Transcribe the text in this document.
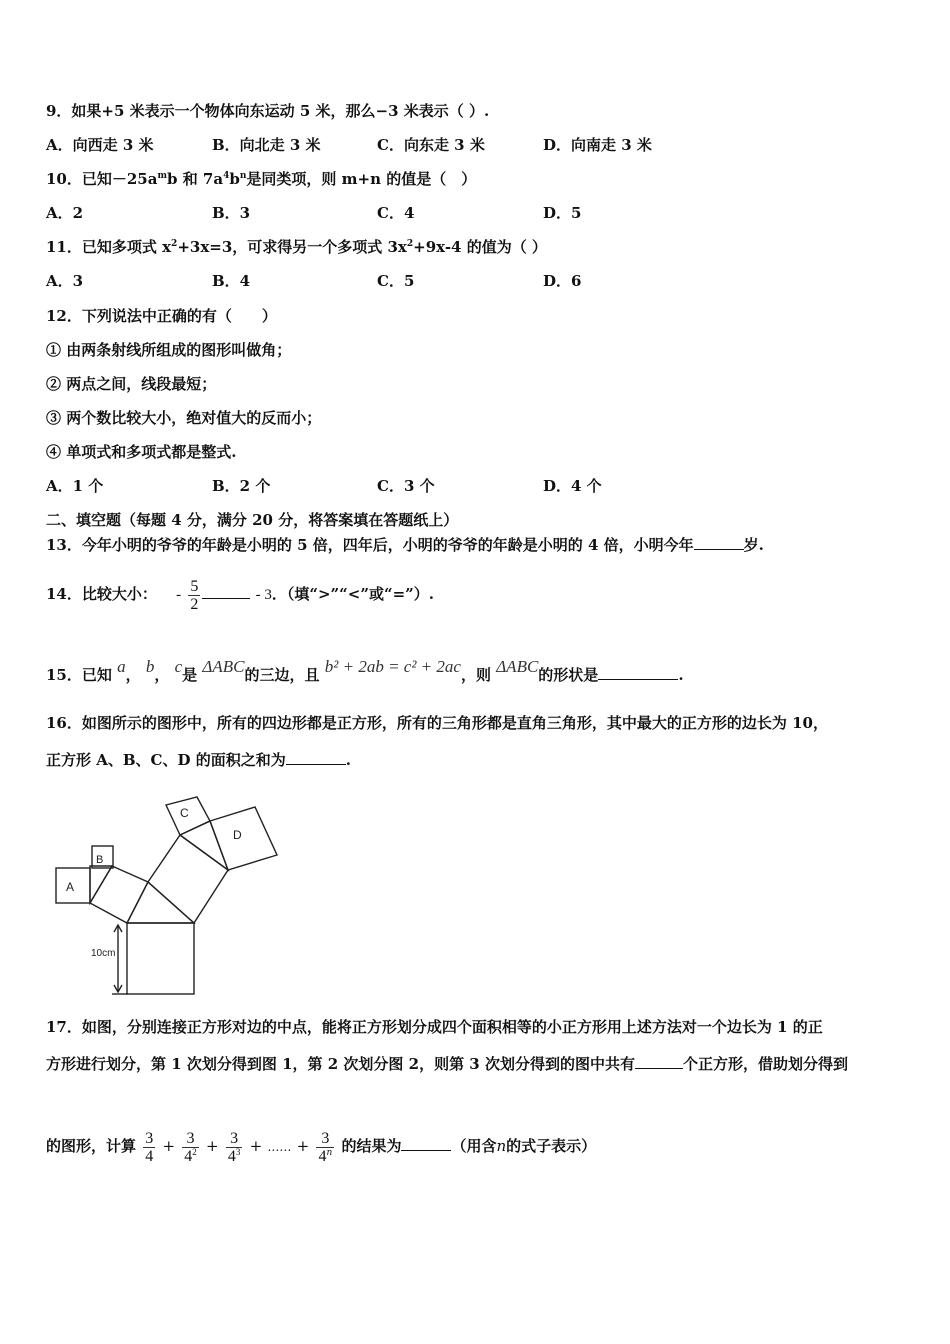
9．如果+5 米表示一个物体向东运动 5 米，那么−3 米表示（ ）.
A．向西走 3 米	B．向北走 3 米	C．向东走 3 米	D．向南走 3 米
10．已知$-25a^mb$ 和 $7a^4b^n$是同类项，则 m+n 的值是（　）
A．2	B．3	C．4	D．5
11．已知多项式 $x^2+3x=3$，可求得另一个多项式 $3x^2+9x-4$ 的值为（ ）
A．3	B．4	C．5	D．6
12．下列说法中正确的有（　　）
① 由两条射线所组成的图形叫做角；
② 两点之间，线段最短；
③ 两个数比较大小，绝对值大的反而小；
④ 单项式和多项式都是整式.
A．1 个	B．2 个	C．3 个	D．4 个
二、填空题（每题 4 分，满分 20 分，将答案填在答题纸上）
13．今年小明的爷爷的年龄是小明的 5 倍，四年后，小明的爷爷的年龄是小明的 4 倍，小明今年	岁.
14．比较大小： - $\frac{5}{2}$	- 3．（填“>”“<”或“=”）.
15．已知 a， b， c是 ΔABC的三边，且 b² + 2ab = c² + 2ac，则 ΔABC的形状是	.
16．如图所示的图形中，所有的四边形都是正方形，所有的三角形都是直角三角形，其中最大的正方形的边长为 10，
正方形 A、B、C、D 的面积之和为	.
A
B
C
D
10cm
17．如图，分别连接正方形对边的中点，能将正方形划分成四个面积相等的小正方形用上述方法对一个边长为 1 的正
方形进行划分，第 1 次划分得到图 1，第 2 次划分图 2，则第 3 次划分得到的图中共有	个正方形，借助划分得到
的图形，计算 $\frac{3}{4} + \frac{3}{4^2} + \frac{3}{4^3}$ + …… + $\frac{3}{4^n}$ 的结果为	（用含n的式子表示）
